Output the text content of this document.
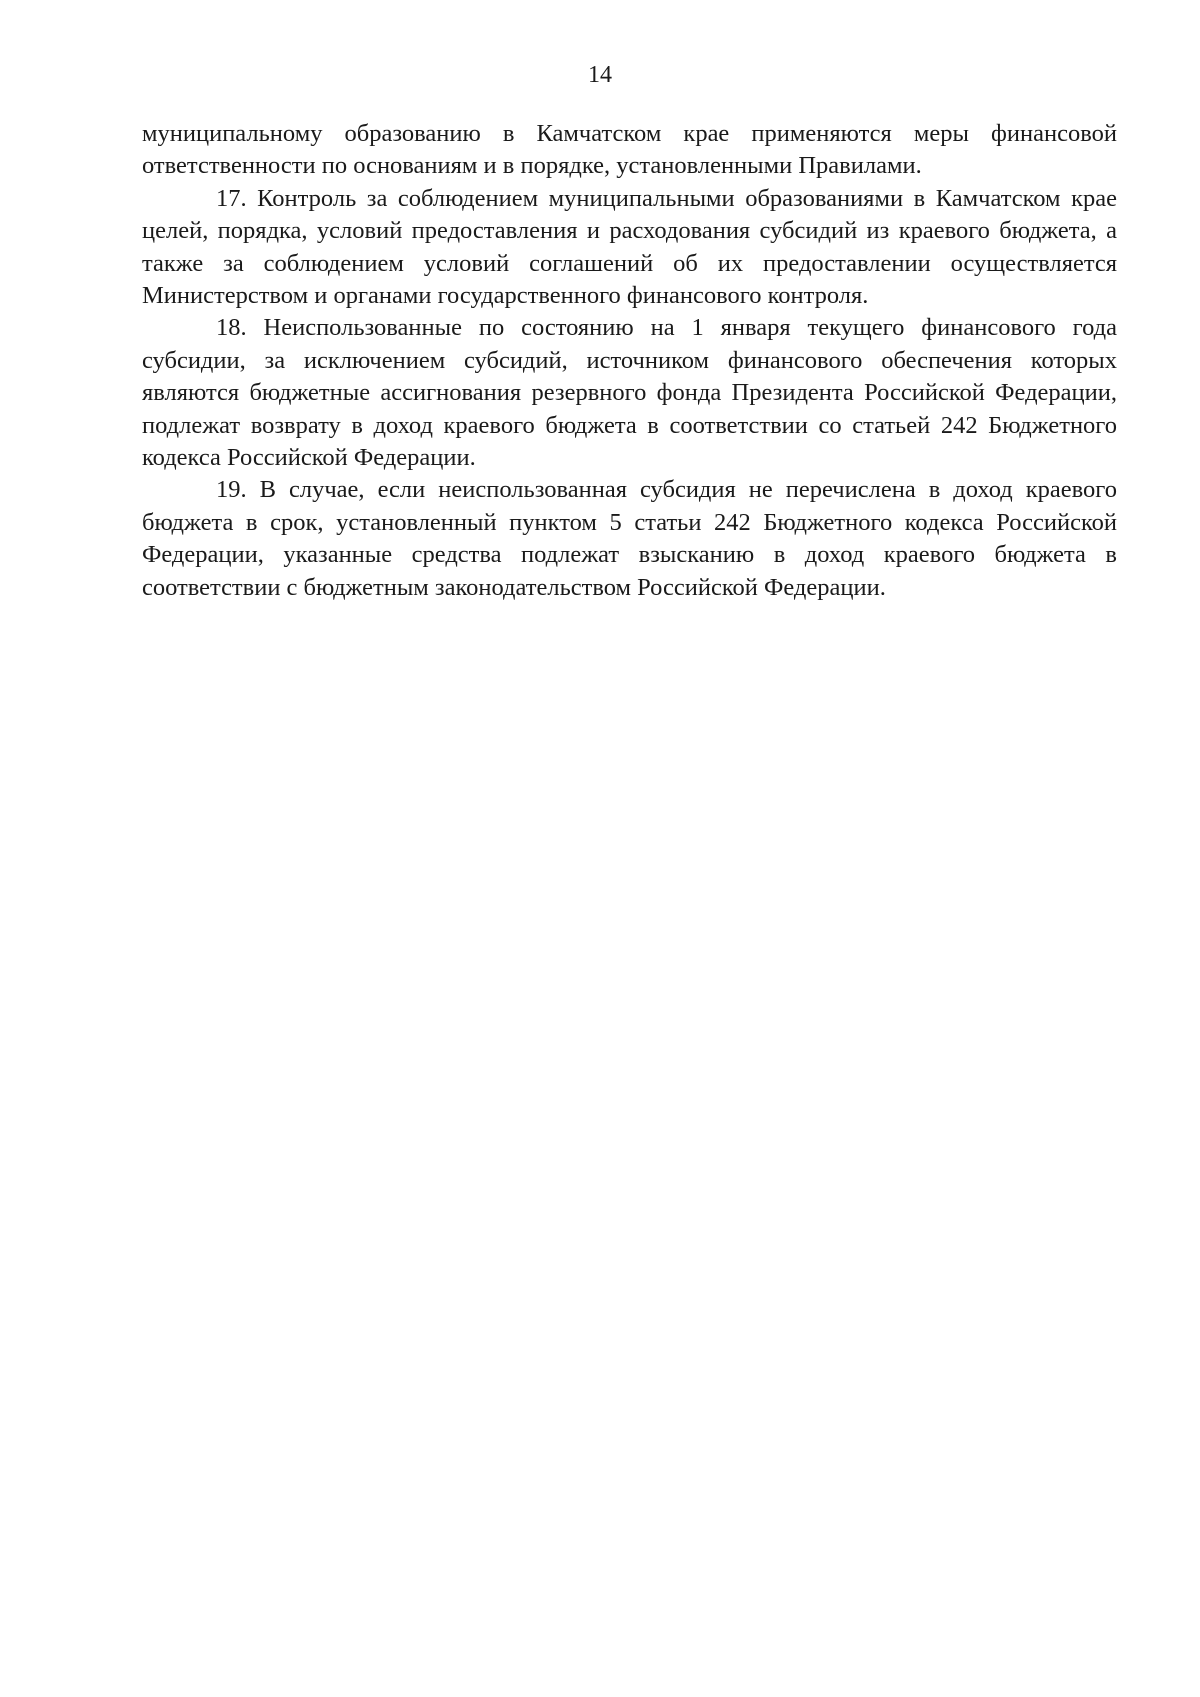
14

муниципальному образованию в Камчатском крае применяются меры финансовой ответственности по основаниям и в порядке, установленными Правилами.

17. Контроль за соблюдением муниципальными образованиями в Камчатском крае целей, порядка, условий предоставления и расходования субсидий из краевого бюджета, а также за соблюдением условий соглашений об их предоставлении осуществляется Министерством и органами государственного финансового контроля.

18. Неиспользованные по состоянию на 1 января текущего финансового года субсидии, за исключением субсидий, источником финансового обеспечения которых являются бюджетные ассигнования резервного фонда Президента Российской Федерации, подлежат возврату в доход краевого бюджета в соответствии со статьей 242 Бюджетного кодекса Российской Федерации.

19. В случае, если неиспользованная субсидия не перечислена в доход краевого бюджета в срок, установленный пунктом 5 статьи 242 Бюджетного кодекса Российской Федерации, указанные средства подлежат взысканию в доход краевого бюджета в соответствии с бюджетным законодательством Российской Федерации.
